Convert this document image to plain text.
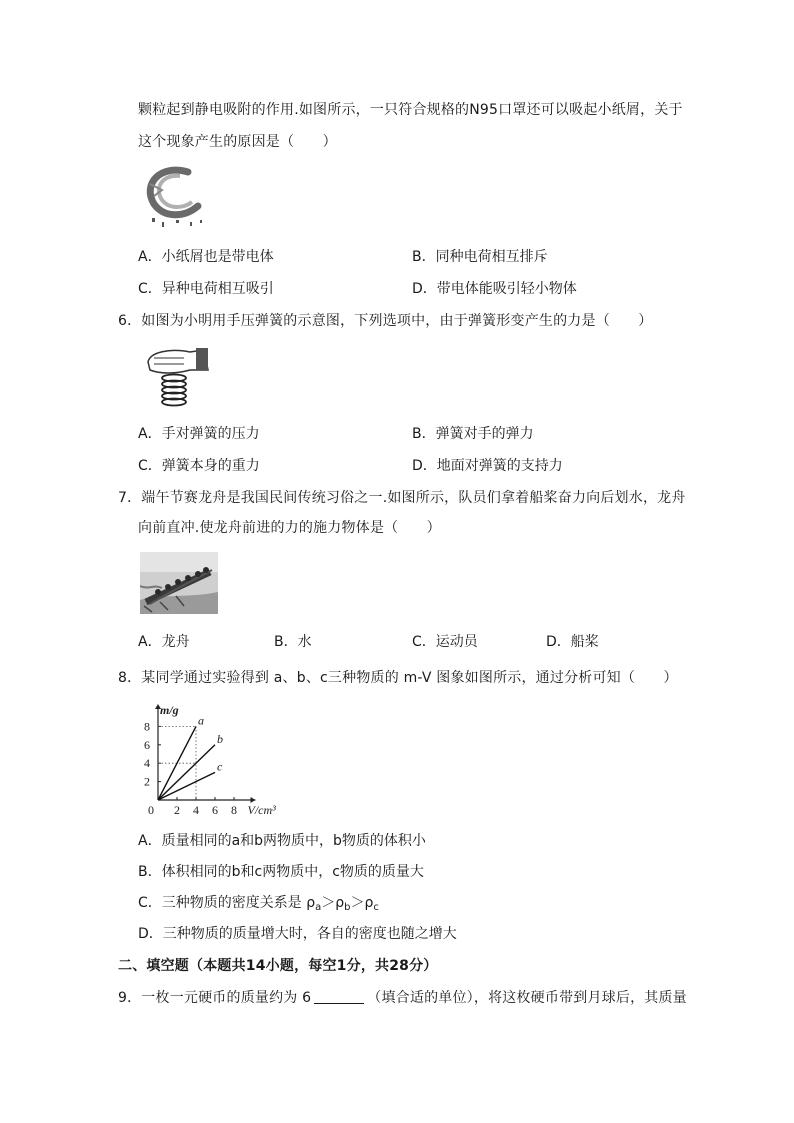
颗粒起到静电吸附的作用.如图所示，一只符合规格的N95口罩还可以吸起小纸屑，关于
这个现象产生的原因是（　　）
A．小纸屑也是带电体	B．同种电荷相互排斥
C．异种电荷相互吸引	D．带电体能吸引轻小物体
6．如图为小明用手压弹簧的示意图，下列选项中，由于弹簧形变产生的力是（　　）
A．手对弹簧的压力	B．弹簧对手的弹力
C．弹簧本身的重力	D．地面对弹簧的支持力
7．端午节赛龙舟是我国民间传统习俗之一.如图所示，队员们拿着船桨奋力向后划水，龙舟
向前直冲.使龙舟前进的力的施力物体是（　　）
A．龙舟	B．水	C．运动员	D．船桨
8．某同学通过实验得到 a、b、c三种物质的 m-V 图象如图所示，通过分析可知（　　）
0 2 4 6 8
2
4
6
8
m/g
V/cm³
a
b
c
A．质量相同的a和b两物质中，b物质的体积小
B．体积相同的b和c两物质中，c物质的质量大
C．三种物质的密度关系是 $\rho_a>\rho_b>\rho_c$
D．三种物质的质量增大时，各自的密度也随之增大
二、填空题（本题共14小题，每空1分，共28分）
9．一枚一元硬币的质量约为 6	（填合适的单位），将这枚硬币带到月球后，其质量
